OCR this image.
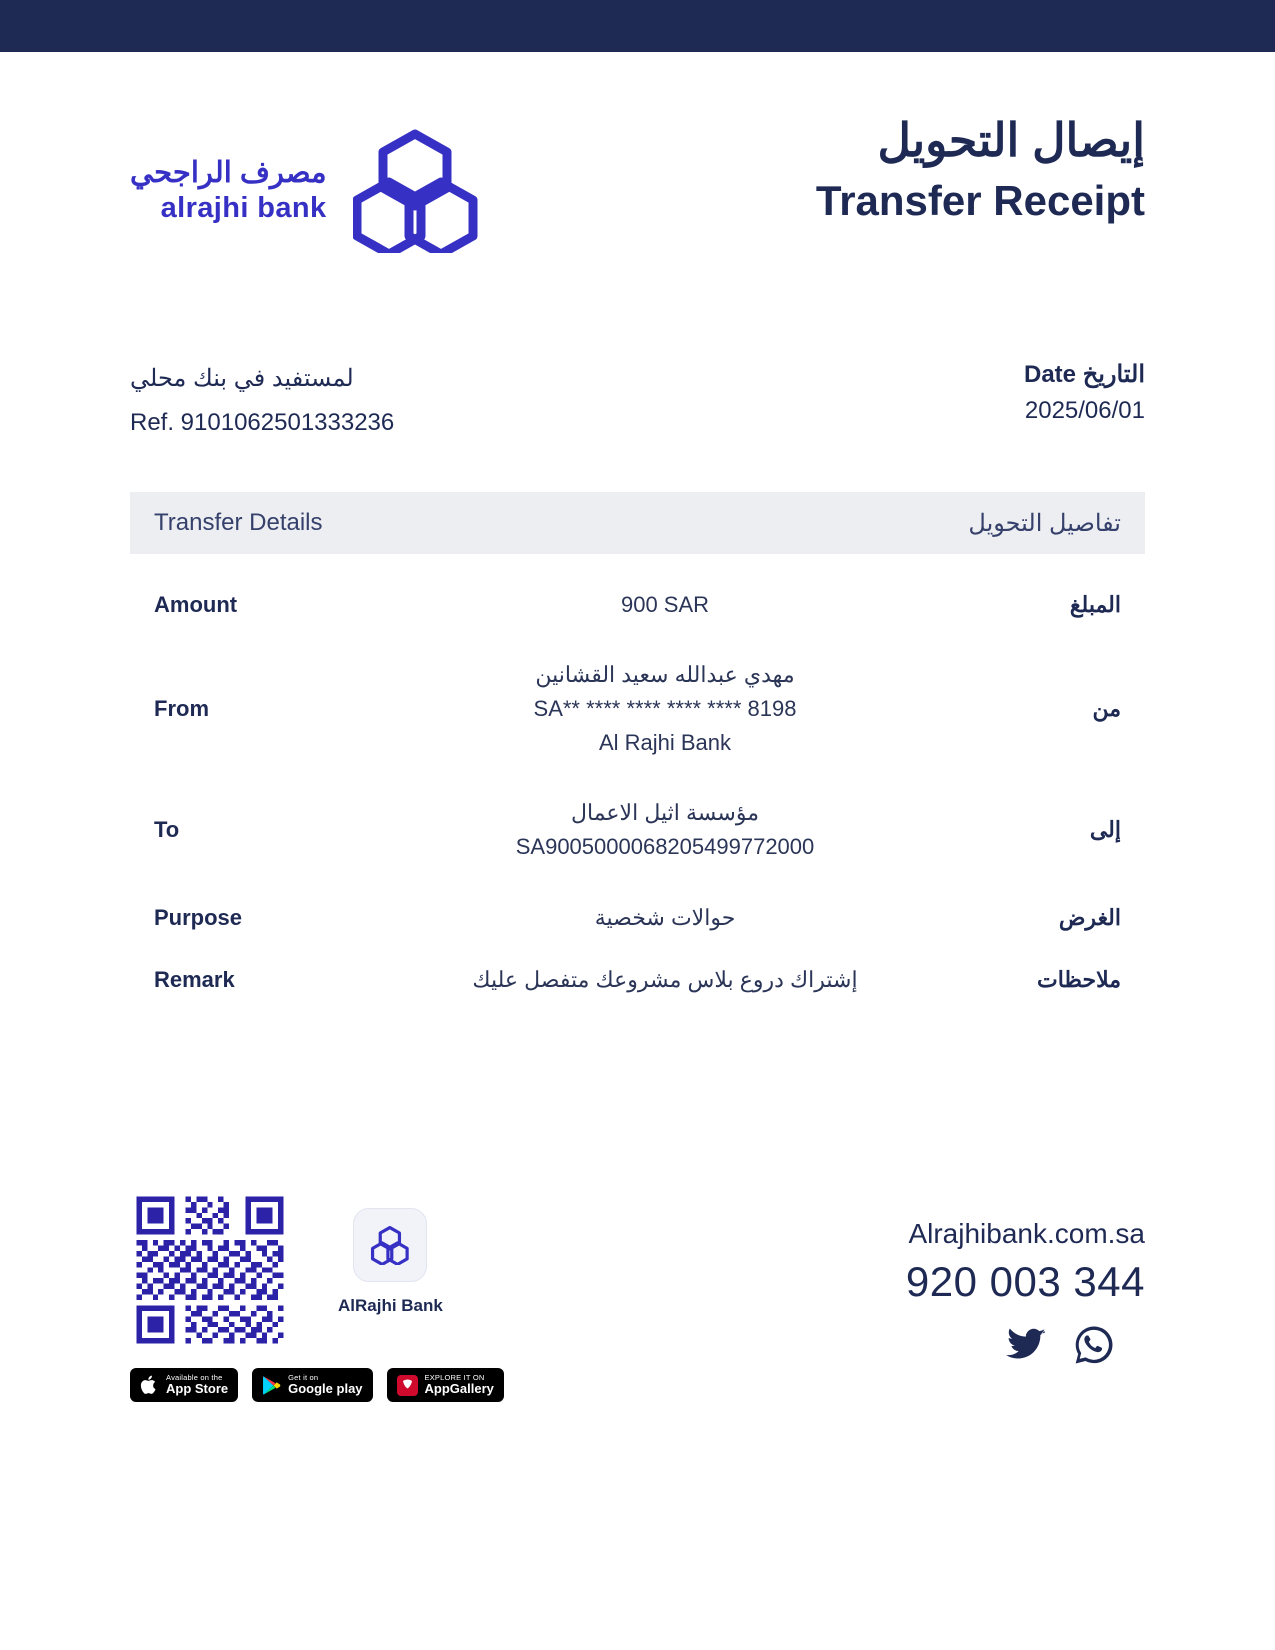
مصرف الراجحي
alrajhi bank
إيصال التحويل
Transfer Receipt
لمستفيد في بنك محلي
Ref. 9101062501333236
التاريخ Date
2025/06/01
Transfer Details	تفاصيل التحويل
Amount	900 SAR	المبلغ
From
مهدي عبدالله سعيد القشانين
SA** **** **** **** **** 8198
Al Rajhi Bank
من
To
مؤسسة اثيل الاعمال
SA9005000068205499772000
إلى
Purpose	حوالات شخصية	الغرض
Remark	إشتراك دروع بلاس مشروعك متفصل عليك	ملاحظات
AlRajhi Bank
Available on the
App Store
Get it on
Google play
EXPLORE IT ON
AppGallery
Alrajhibank.com.sa
920 003 344
